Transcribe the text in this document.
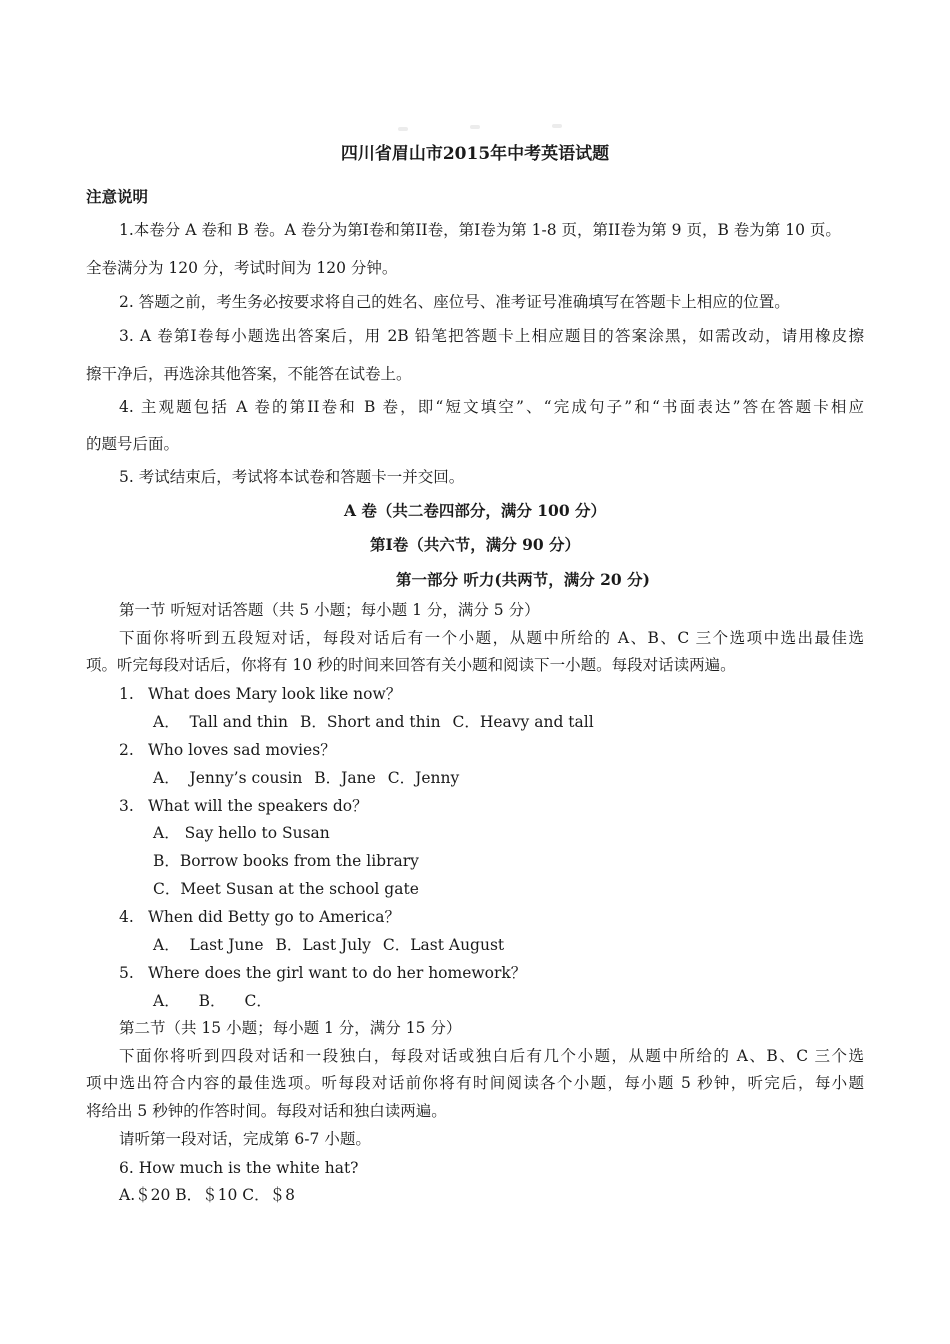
四川省眉山市2015年中考英语试题
注意说明
1.本卷分 A 卷和 B 卷。A 卷分为第I卷和第II卷，第I卷为第 1-8 页，第II卷为第 9 页，B 卷为第 10 页。
全卷满分为 120 分，考试时间为 120 分钟。
2. 答题之前，考生务必按要求将自己的姓名、座位号、准考证号准确填写在答题卡上相应的位置。
3. A 卷第I卷每小题选出答案后，用 2B 铅笔把答题卡上相应题目的答案涂黑，如需改动，请用橡皮擦
擦干净后，再选涂其他答案，不能答在试卷上。
4. 主观题包括 A 卷的第II卷和 B 卷，即“短文填空”、“完成句子”和“书面表达”答在答题卡相应
的题号后面。
5. 考试结束后，考试将本试卷和答题卡一并交回。
A 卷（共二卷四部分，满分 100 分）
第I卷（共六节，满分 90 分）
第一部分 听力(共两节，满分 20 分)
第一节 听短对话答题（共 5 小题；每小题 1 分，满分 5 分）
下面你将听到五段短对话，每段对话后有一个小题，从题中所给的 A、B、C 三个选项中选出最佳选
项。听完每段对话后，你将有 10 秒的时间来回答有关小题和阅读下一小题。每段对话读两遍。
1. What does Mary look like now？
A．  Tall and thin B．Short and thin C．Heavy and tall
2. Who loves sad movies？
A．  Jenny’s cousin B．Jane C．Jenny
3. What will the speakers do？
A． Say hello to Susan
B．Borrow books from the library
C．Meet Susan at the school gate
4. When did Betty go to America？
A．  Last June B．Last July C．Last August
5. Where does the girl want to do her homework？
A． B． C．
第二节（共 15 小题；每小题 1 分，满分 15 分）
下面你将听到四段对话和一段独白，每段对话或独白后有几个小题，从题中所给的 A、B、C 三个选
项中选出符合内容的最佳选项。听每段对话前你将有时间阅读各个小题，每小题 5 秒钟，听完后，每小题
将给出 5 秒钟的作答时间。每段对话和独白读两遍。
请听第一段对话，完成第 6-7 小题。
6. How much is the white hat?
A.＄20 B．＄10 C．＄8
